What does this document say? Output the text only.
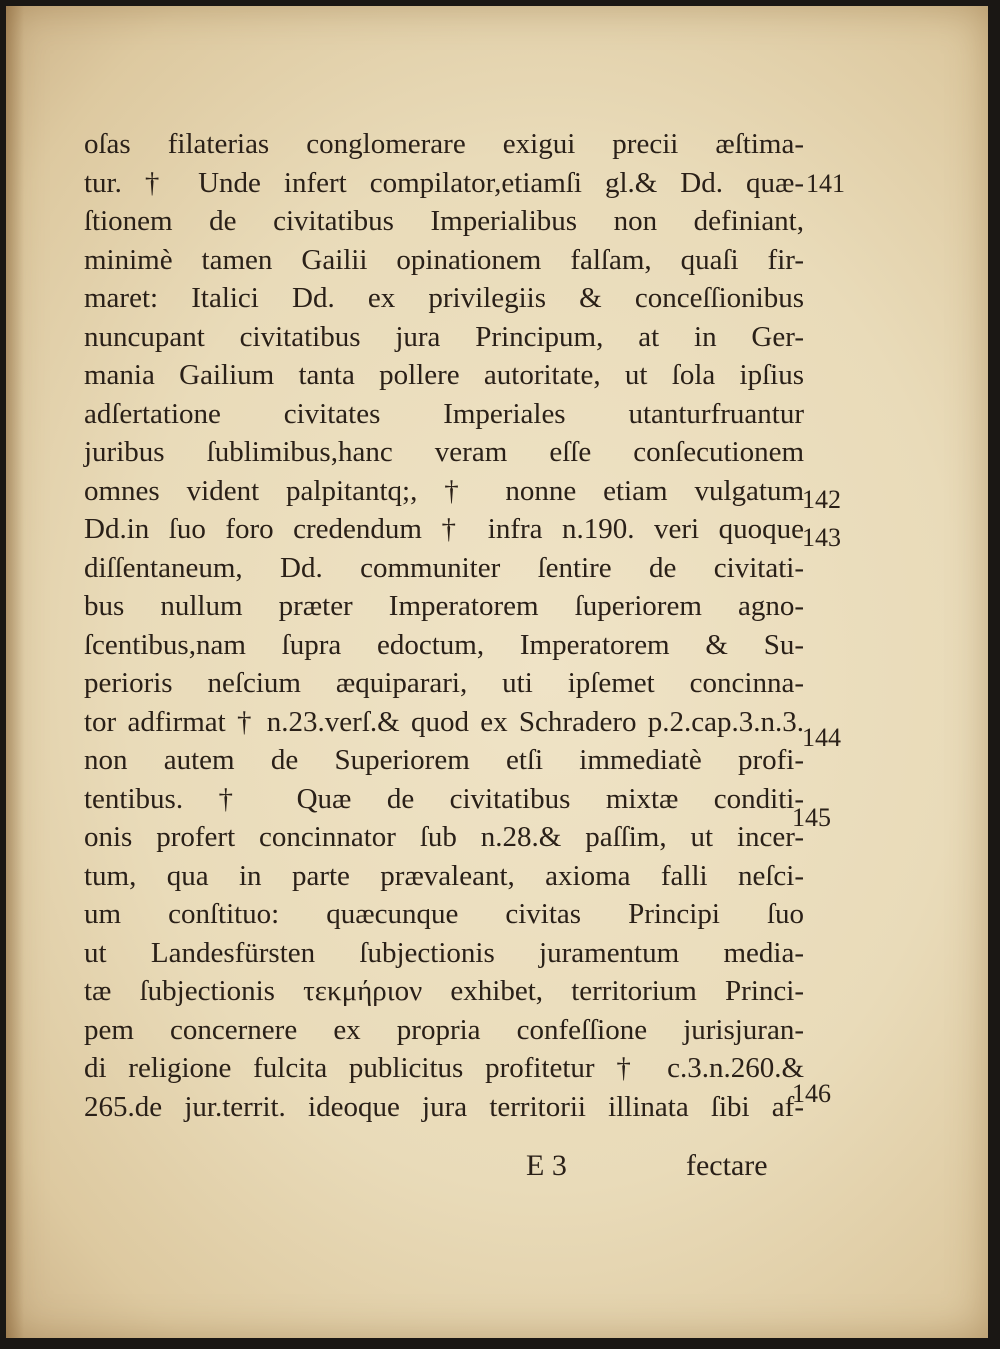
oſas filaterias conglomerare exigui precii æſtima-
tur. † Unde infert compilator,etiamſi gl.& Dd. quæ-
ſtionem de civitatibus Imperialibus non definiant,
minimè tamen Gailii opinationem falſam, quaſi fir-
maret: Italici Dd. ex privilegiis & conceſſionibus
nuncupant civitatibus jura Principum, at in Ger-
mania Gailium tanta pollere autoritate, ut ſola ipſius
adſertatione civitates Imperiales utanturfruantur
juribus ſublimibus,hanc veram eſſe conſecutionem
omnes vident palpitantq;, † nonne etiam vulgatum
Dd.in ſuo foro credendum † infra n.190. veri quoque
diſſentaneum, Dd. communiter ſentire de civitati-
bus nullum præter Imperatorem ſuperiorem agno-
ſcentibus,nam ſupra edoctum, Imperatorem & Su-
perioris neſcium æquiparari, uti ipſemet concinna-
tor adfirmat † n.23.verſ.& quod ex Schradero p.2.cap.3.n.3.
non autem de Superiorem etſi immediatè profi-
tentibus. † Quæ de civitatibus mixtæ conditi-
onis profert concinnator ſub n.28.& paſſim, ut incer-
tum, qua in parte prævaleant, axioma falli neſci-
um conſtituo: quæcunque civitas Principi ſuo
ut Landesfürsten ſubjectionis juramentum media-
tæ ſubjectionis τεκμήριον exhibet, territorium Princi-
pem concernere ex propria confeſſione jurisjuran-
di religione fulcita publicitus profitetur † c.3.n.260.&
265.de jur.territ. ideoque jura territorii illinata ſibi af-
141
142
143
144
145
146
E 3	fectare
